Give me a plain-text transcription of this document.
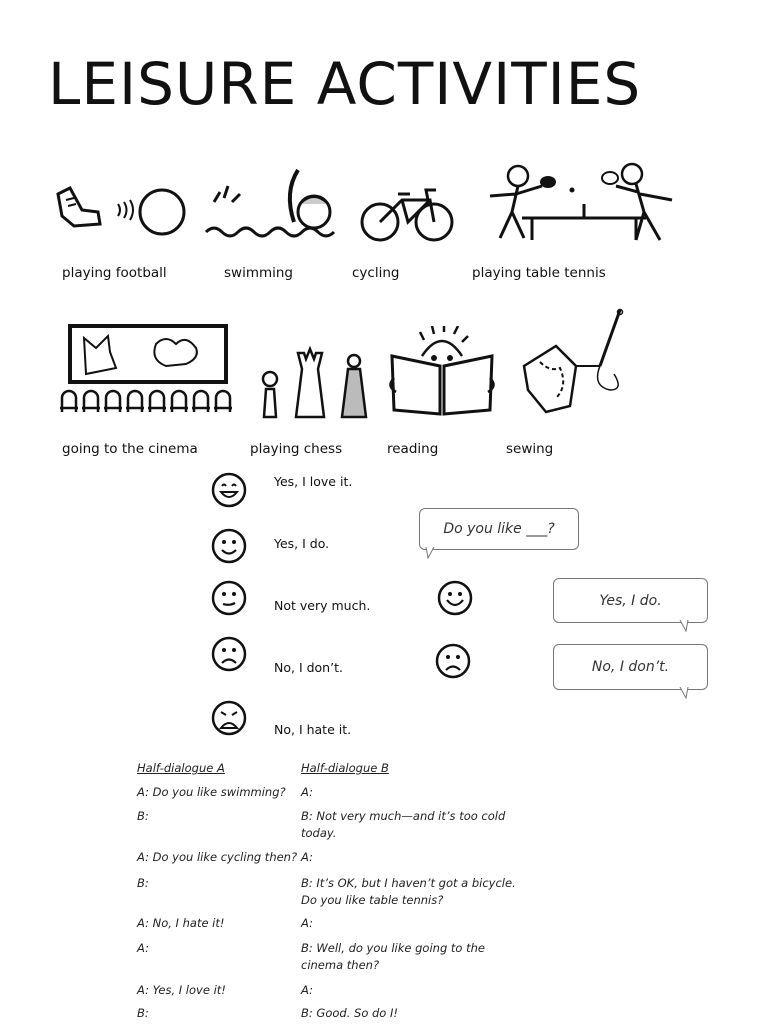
LEISURE ACTIVITIES
playing football	swimming	cycling	playing table tennis
going to the cinema	playing chess	reading	sewing
Yes, I love it.
Yes, I do.
Not very much.
No, I don’t.
No, I hate it.
Do you like ___?
Yes, I do.
No, I don’t.
Half-dialogue A	Half-dialogue B
A: Do you like swimming?	A:
B:	B: Not very much—and it’s too cold today.
A: Do you like cycling then? A:
B:	B: It’s OK, but I haven’t got a bicycle. Do you like table tennis?
A: No, I hate it!	A:
A:	B: Well, do you like going to the cinema then?
A: Yes, I love it!	A:
B:	B: Good. So do I!
